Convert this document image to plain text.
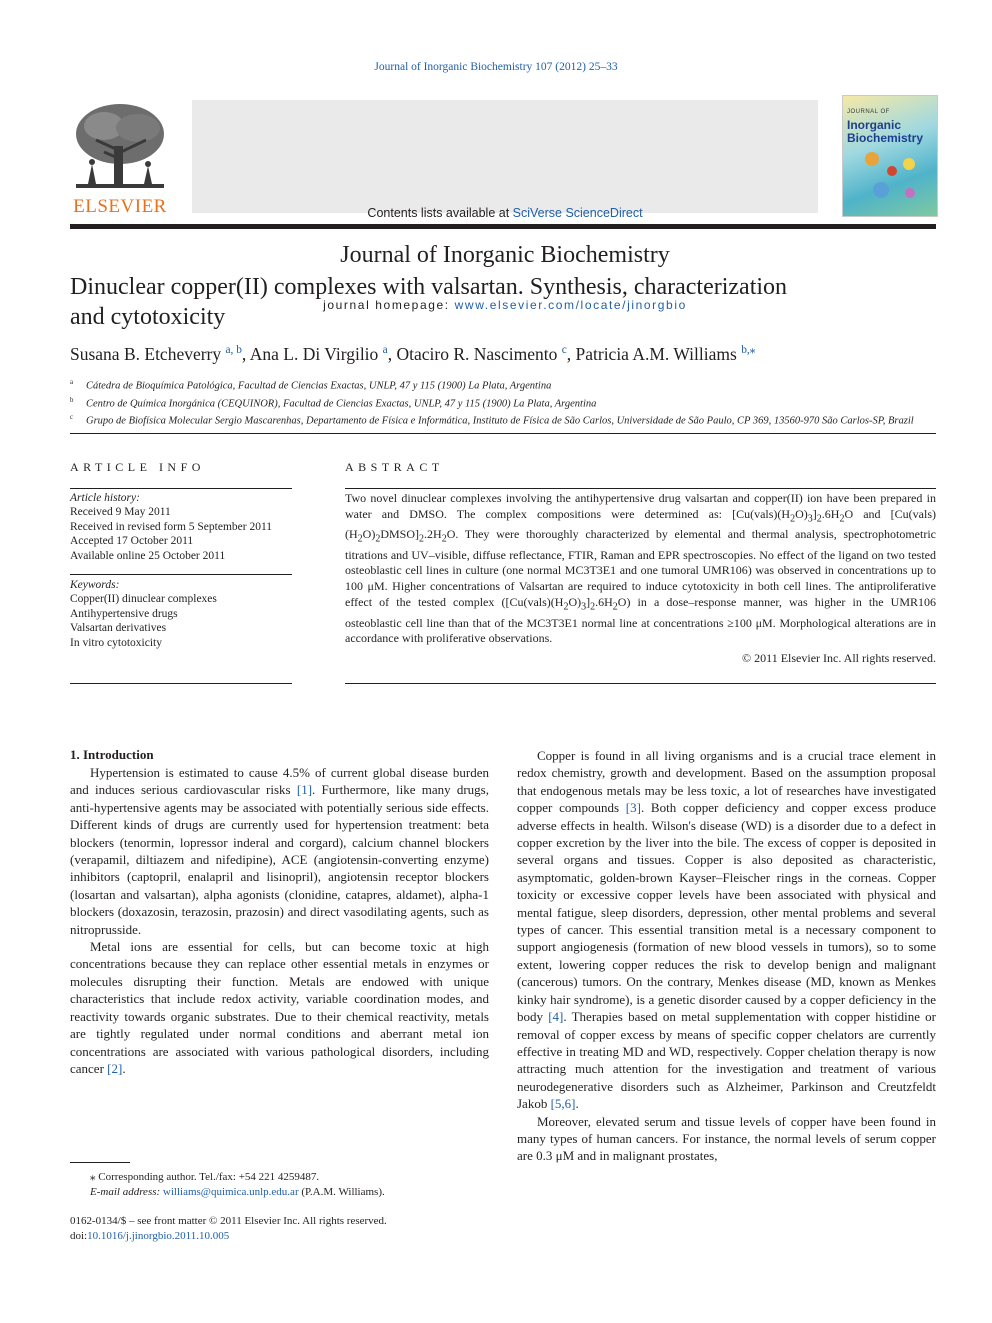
Journal of Inorganic Biochemistry 107 (2012) 25–33
ELSEVIER	Contents lists available at SciVerse ScienceDirect
Journal of Inorganic Biochemistry
journal homepage: www.elsevier.com/locate/jinorgbio
JOURNAL OF
Inorganic
Biochemistry
Dinuclear copper(II) complexes with valsartan. Synthesis, characterization
and cytotoxicity
Susana B. Etcheverry $^{a, b}$, Ana L. Di Virgilio $^a$, Otaciro R. Nascimento $^c$, Patricia A.M. Williams $^{b,⁎}$
$^a$ Cátedra de Bioquímica Patológica, Facultad de Ciencias Exactas, UNLP, 47 y 115 (1900) La Plata, Argentina
$^b$ Centro de Química Inorgánica (CEQUINOR), Facultad de Ciencias Exactas, UNLP, 47 y 115 (1900) La Plata, Argentina
$^c$ Grupo de Biofísica Molecular Sergio Mascarenhas, Departamento de Física e Informática, Instituto de Física de São Carlos, Universidade de São Paulo, CP 369, 13560-970 São Carlos-SP, Brazil
ARTICLE INFO
Article history:
Received 9 May 2011
Received in revised form 5 September 2011
Accepted 17 October 2011
Available online 25 October 2011
Keywords:
Copper(II) dinuclear complexes
Antihypertensive drugs
Valsartan derivatives
In vitro cytotoxicity
ABSTRACT
Two novel dinuclear complexes involving the antihypertensive drug valsartan and copper(II) ion have been prepared in water and DMSO. The complex compositions were determined as: $[Cu(vals)(H_2O)_3]_2.6H_2O$ and $[Cu(vals)(H_2O)_2DMSO]_2.2H_2O$. They were thoroughly characterized by elemental and thermal analysis, spectrophotometric titrations and UV–visible, diffuse reflectance, FTIR, Raman and EPR spectroscopies. No effect of the ligand on two tested osteoblastic cell lines in culture (one normal MC3T3E1 and one tumoral UMR106) was observed in concentrations up to 100 μM. Higher concentrations of Valsartan are required to induce cytotoxicity in both cell lines. The antiproliferative effect of the tested complex $([Cu(vals)(H_2O)_3]_2.6H_2O)$ in a dose–response manner, was higher in the UMR106 osteoblastic cell line than that of the MC3T3E1 normal line at concentrations ≥100 μM. Morphological alterations are in accordance with proliferative observations.
© 2011 Elsevier Inc. All rights reserved.
1. Introduction

Hypertension is estimated to cause 4.5% of current global disease burden and induces serious cardiovascular risks [1]. Furthermore, like many drugs, anti-hypertensive agents may be associated with potentially serious side effects. Different kinds of drugs are currently used for hypertension treatment: beta blockers (tenormin, lopressor inderal and corgard), calcium channel blockers (verapamil, diltiazem and nifedipine), ACE (angiotensin-converting enzyme) inhibitors (captopril, enalapril and lisinopril), angiotensin receptor blockers (losartan and valsartan), alpha agonists (clonidine, catapres, aldamet), alpha-1 blockers (doxazosin, terazosin, prazosin) and direct vasodilating agents, such as nitroprusside.

Metal ions are essential for cells, but can become toxic at high concentrations because they can replace other essential metals in enzymes or molecules disrupting their function. Metals are endowed with unique characteristics that include redox activity, variable coordination modes, and reactivity towards organic substrates. Due to their chemical reactivity, metals are tightly regulated under normal conditions and aberrant metal ion concentrations are associated with various pathological disorders, including cancer [2].

Copper is found in all living organisms and is a crucial trace element in redox chemistry, growth and development. Based on the assumption proposal that endogenous metals may be less toxic, a lot of researches have investigated copper compounds [3]. Both copper deficiency and copper excess produce adverse effects in health. Wilson's disease (WD) is a disorder due to a defect in copper excretion by the liver into the bile. The excess of copper is deposited in several organs and tissues. Copper is also deposited as characteristic, asymptomatic, golden-brown Kayser–Fleischer rings in the corneas. Copper toxicity or excessive copper levels have been associated with physical and mental fatigue, sleep disorders, depression, other mental problems and several types of cancer. This essential transition metal is a necessary component to support angiogenesis (formation of new blood vessels in tumors), so to some extent, lowering copper reduces the risk to develop benign and malignant (cancerous) tumors. On the contrary, Menkes disease (MD, known as Menkes kinky hair syndrome), is a genetic disorder caused by a copper deficiency in the body [4]. Therapies based on metal supplementation with copper histidine or removal of copper excess by means of specific copper chelators are currently effective in treating MD and WD, respectively. Copper chelation therapy is now attracting much attention for the investigation and treatment of various neurodegenerative disorders such as Alzheimer, Parkinson and Creutzfeldt Jakob [5,6].

Moreover, elevated serum and tissue levels of copper have been found in many types of human cancers. For instance, the normal levels of serum copper are 0.3 μM and in malignant prostates,

⁎ Corresponding author. Tel./fax: +54 221 4259487.
E-mail address: williams@quimica.unlp.edu.ar (P.A.M. Williams).
0162-0134/$ – see front matter © 2011 Elsevier Inc. All rights reserved.
doi:10.1016/j.jinorgbio.2011.10.005
